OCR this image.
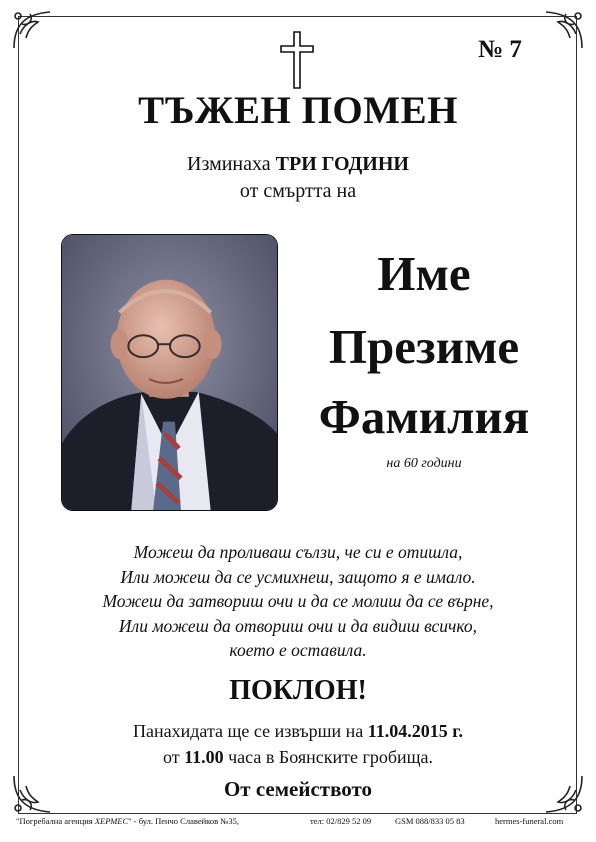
№ 7
ТЪЖЕН ПОМЕН
Изминаха ТРИ ГОДИНИ
от смъртта на
Име
Презиме
Фамилия
на 60 години
Можеш да проливаш сълзи, че си е отишла,
Или можеш да се усмихнеш, защото я е имало.
Можеш да затвориш очи и да се молиш да се върне,
Или можеш да отвориш очи и да видиш всичко,
което е оставила.
ПОКЛОН!
Панахидата ще се извърши на 11.04.2015 г.
от 11.00 часа в Боянските гробища.
От семейството
"Погребална агенция ХЕРМЕС" - бул. Пенчо Славейков №35,	тел: 02/829 52 09	GSM 088/833 05 83	hermes-funeral.com
